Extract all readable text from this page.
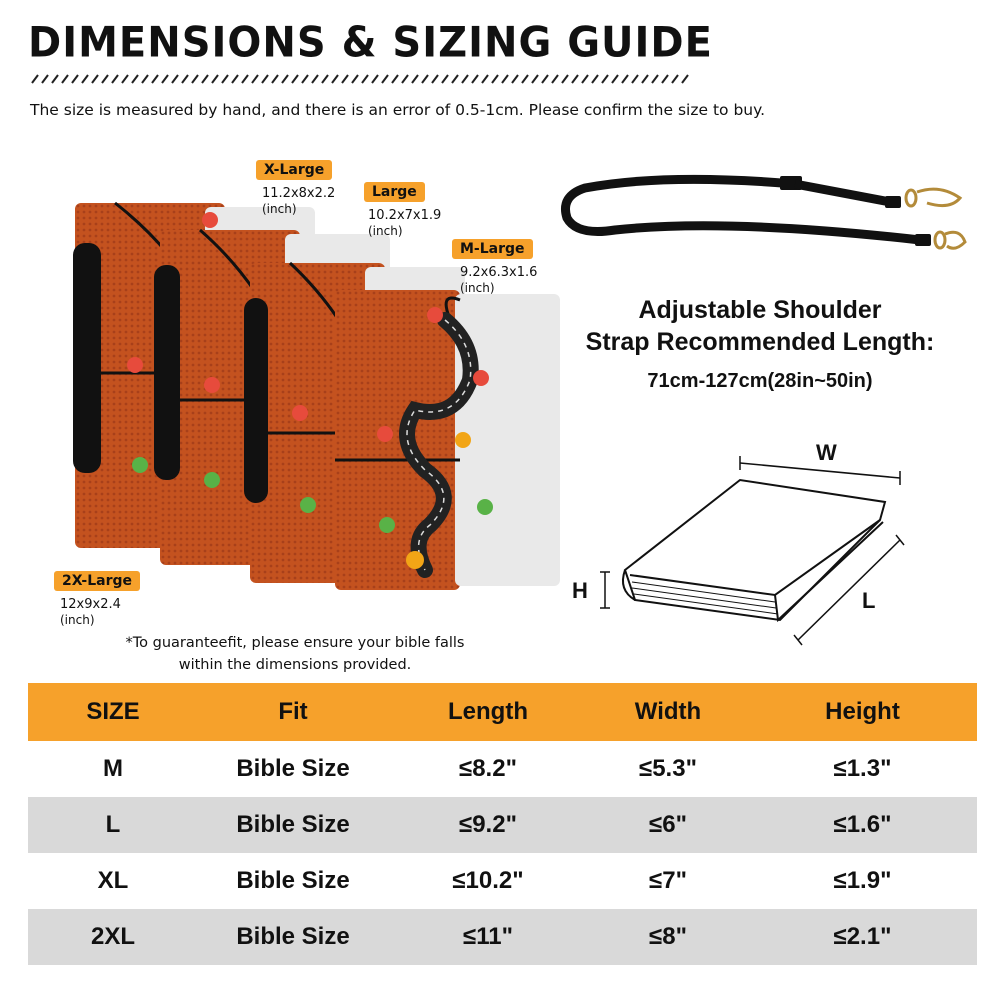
DIMENSIONS & SIZING GUIDE
The size is measured by hand, and there is an error of 0.5-1cm. Please confirm the size to buy.
X-Large
11.2x8x2.2
(inch)
Large
10.2x7x1.9
(inch)
M-Large
9.2x6.3x1.6
(inch)
2X-Large
12x9x2.4
(inch)
*To guaranteefit, please ensure your bible falls within the dimensions provided.
Adjustable Shoulder
Strap Recommended Length:
71cm-127cm(28in~50in)
W
H	L
SIZE	Fit	Length	Width	Height
M	Bible Size	≤8.2"	≤5.3"	≤1.3"
L	Bible Size	≤9.2"	≤6"	≤1.6"
XL	Bible Size	≤10.2"	≤7"	≤1.9"
2XL	Bible Size	≤11"	≤8"	≤2.1"
